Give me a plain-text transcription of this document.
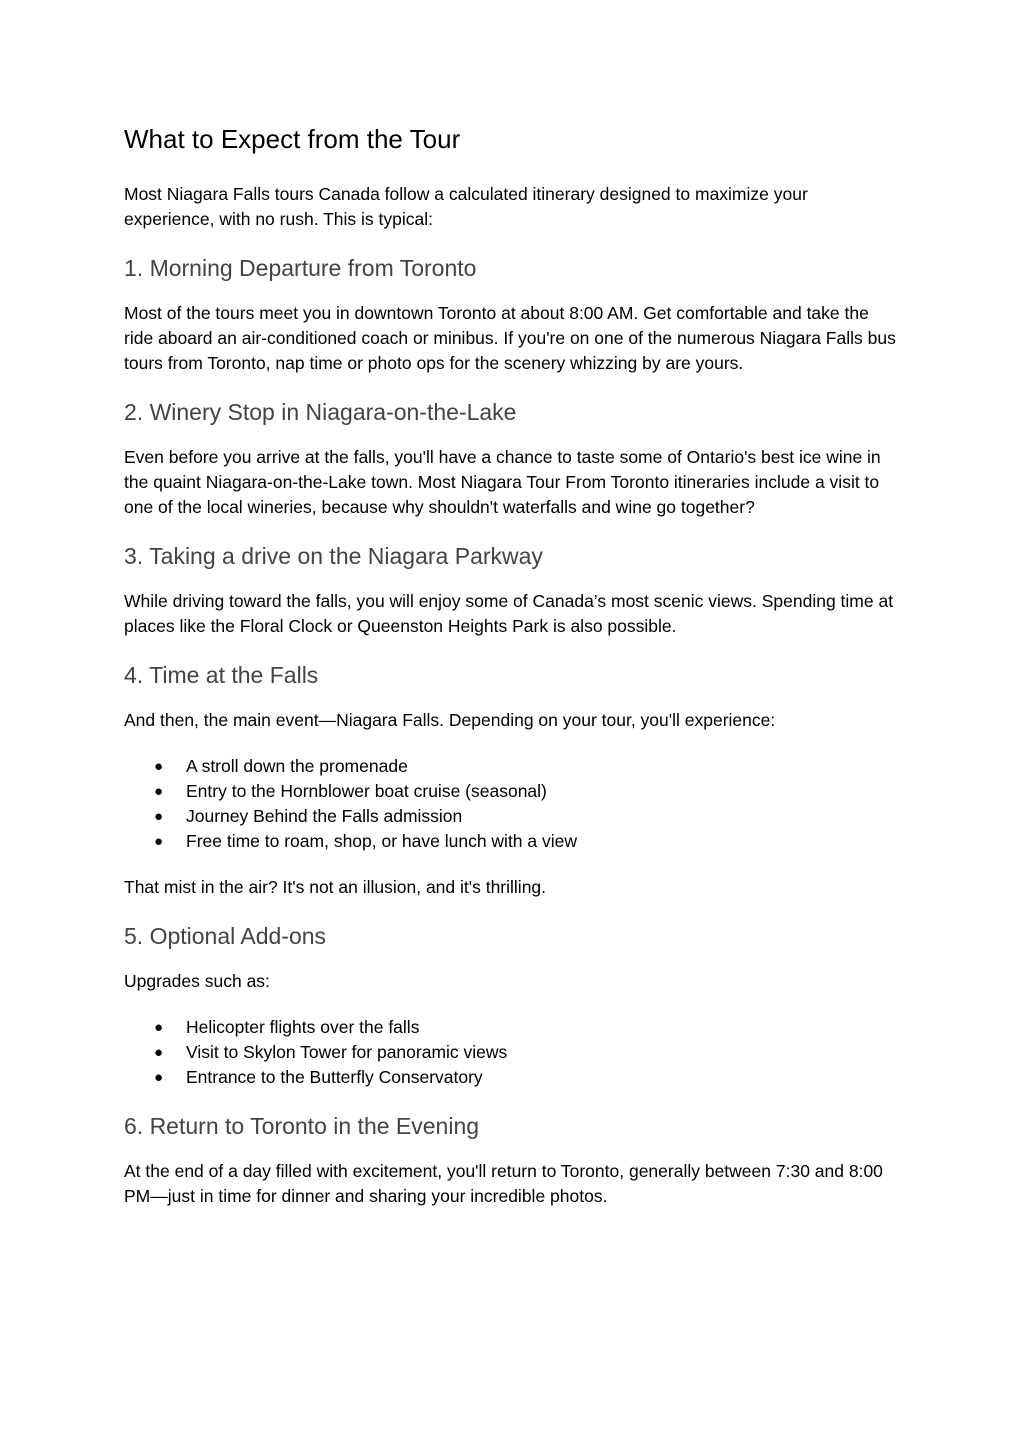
What to Expect from the Tour

Most Niagara Falls tours Canada follow a calculated itinerary designed to maximize your experience, with no rush. This is typical:

1. Morning Departure from Toronto

Most of the tours meet you in downtown Toronto at about 8:00 AM. Get comfortable and take the ride aboard an air-conditioned coach or minibus. If you're on one of the numerous Niagara Falls bus tours from Toronto, nap time or photo ops for the scenery whizzing by are yours.

2. Winery Stop in Niagara-on-the-Lake

Even before you arrive at the falls, you'll have a chance to taste some of Ontario's best ice wine in the quaint Niagara-on-the-Lake town. Most Niagara Tour From Toronto itineraries include a visit to one of the local wineries, because why shouldn't waterfalls and wine go together?

3. Taking a drive on the Niagara Parkway

While driving toward the falls, you will enjoy some of Canada’s most scenic views. Spending time at places like the Floral Clock or Queenston Heights Park is also possible.

4. Time at the Falls

And then, the main event—Niagara Falls. Depending on your tour, you'll experience:

● A stroll down the promenade
● Entry to the Hornblower boat cruise (seasonal)
● Journey Behind the Falls admission
● Free time to roam, shop, or have lunch with a view

That mist in the air? It's not an illusion, and it's thrilling.

5. Optional Add-ons

Upgrades such as:

● Helicopter flights over the falls
● Visit to Skylon Tower for panoramic views
● Entrance to the Butterfly Conservatory
6. Return to Toronto in the Evening

At the end of a day filled with excitement, you'll return to Toronto, generally between 7:30 and 8:00 PM—just in time for dinner and sharing your incredible photos.
